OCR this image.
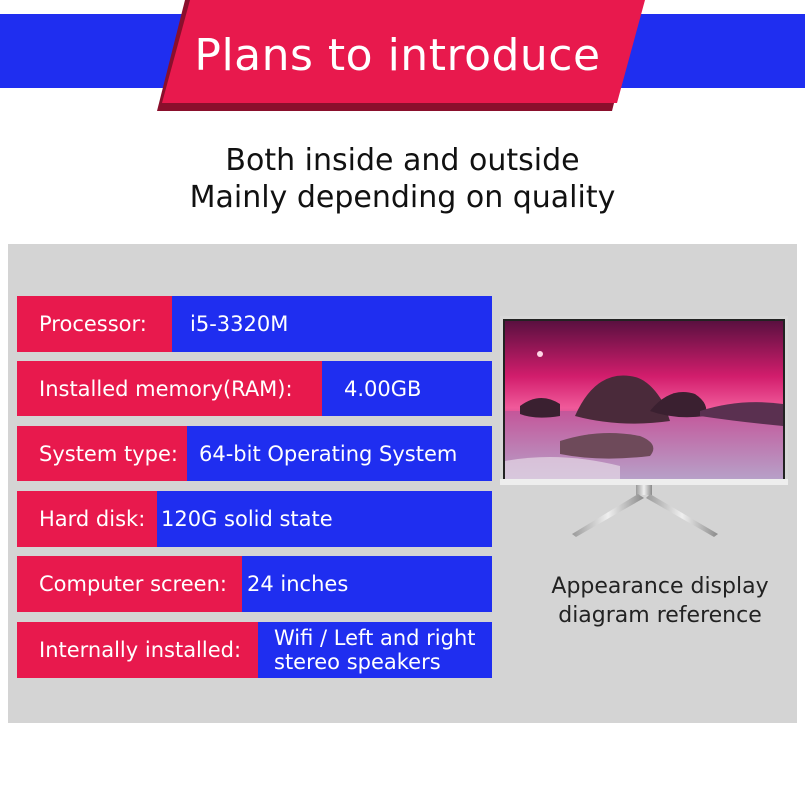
Plans to introduce
Both inside and outside
Mainly depending on quality
Processor:	i5-3320M
Installed memory(RAM):	4.00GB
System type:	64-bit Operating System
Hard disk: 120G solid state
Computer screen: 24 inches
Internally installed:	Wifi / Left and right
stereo speakers
Appearance display
diagram reference
